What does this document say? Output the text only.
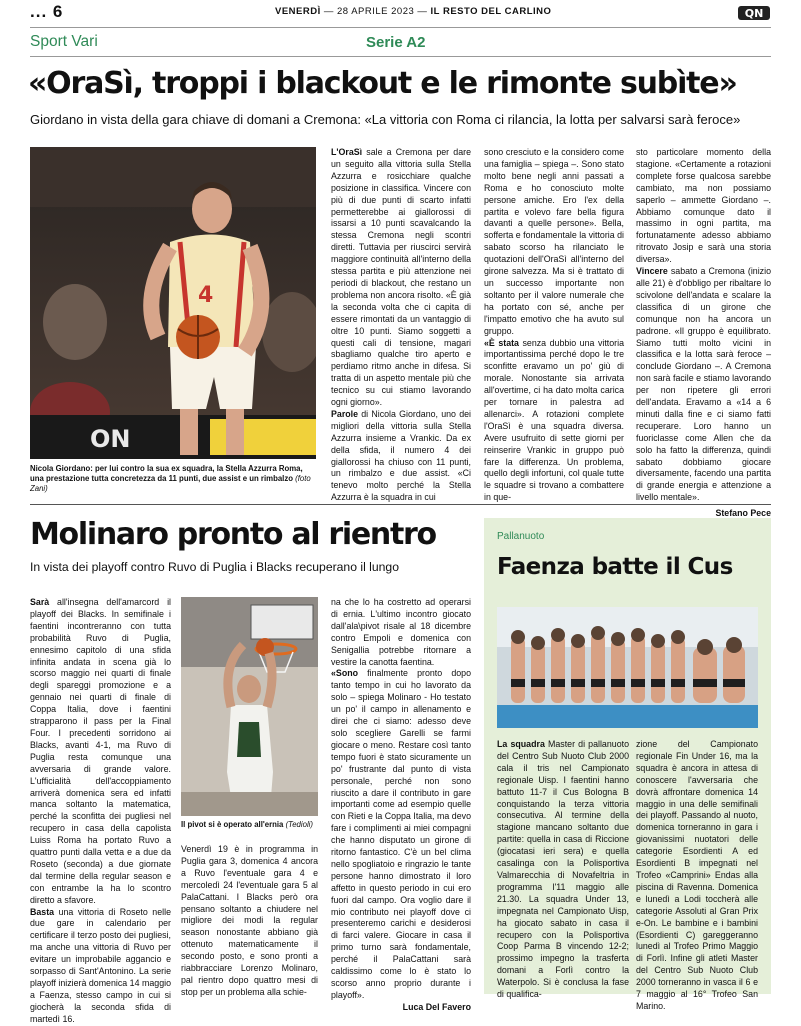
... 6	VENERDÌ — 28 APRILE 2023 — IL RESTO DEL CARLINO	QN
Sport Vari	Serie A2
«OraSì, troppi i blackout e le rimonte subìte»
Giordano in vista della gara chiave di domani a Cremona: «La vittoria con Roma ci rilancia, la lotta per salvarsi sarà feroce»
ON
4
Nicola Giordano: per lui contro la sua ex squadra, la Stella Azzurra Roma, una prestazione tutta concretezza da 11 punti, due assist e un rimbalzo (foto Zani)

L'OraSì sale a Cremona per dare un seguito alla vittoria sulla Stella Azzurra e rosicchiare qualche posizione in classifica. Vincere con più di due punti di scarto infatti permetterebbe ai giallorossi di issarsi a 10 punti scavalcando la stessa Cremona negli scontri diretti. Tuttavia per riuscirci servirà maggiore continuità all'interno della stessa partita e più attenzione nei periodi di blackout, che restano un problema non ancora risolto. «È già la seconda volta che ci capita di essere rimontati da un vantaggio di oltre 10 punti. Siamo soggetti a questi cali di tensione, magari sbagliamo qualche tiro aperto e perdiamo ritmo anche in difesa. Si tratta di un aspetto mentale più che tecnico su cui stiamo lavorando ogni giorno».

Parole di Nicola Giordano, uno dei migliori della vittoria sulla Stella Azzurra insieme a Vrankic. Da ex della sfida, il numero 4 dei giallorossi ha chiuso con 11 punti, un rimbalzo e due assist. «Ci tenevo molto perché la Stella Azzurra è la squadra in cui

sono cresciuto e la considero come una famiglia – spiega –. Sono stato molto bene negli anni passati a Roma e ho conosciuto molte persone amiche. Ero l'ex della partita e volevo fare bella figura davanti a quelle persone». Bella, sofferta e fondamentale la vittoria di sabato scorso ha rilanciato le quotazioni dell'OraSì all'interno del girone salvezza. Ma si è trattato di un successo importante non soltanto per il valore numerale che ha portato con sé, anche per l'impatto emotivo che ha avuto sul gruppo.

«È stata senza dubbio una vittoria importantissima perché dopo le tre sconfitte eravamo un po' giù di morale. Nonostante sia arrivata all'overtime, ci ha dato molta carica per tornare in palestra ad allenarci». A rotazioni complete l'OraSì è una squadra diversa. Avere usufruito di sette giorni per reinserire Vrankic in gruppo può fare la differenza. Un problema, quello degli infortuni, col quale tutte le squadre si trovano a combattere in que-

sto particolare momento della stagione. «Certamente a rotazioni complete forse qualcosa sarebbe cambiato, ma non possiamo saperlo – ammette Giordano –. Abbiamo comunque dato il massimo in ogni partita, ma fortunatamente adesso abbiamo ritrovato Josip e sarà una storia diversa».

Vincere sabato a Cremona (inizio alle 21) è d'obbligo per ribaltare lo scivolone dell'andata e scalare la classifica di un girone che comunque non ha ancora un padrone. «Il gruppo è equilibrato. Siamo tutti molto vicini in classifica e la lotta sarà feroce – conclude Giordano –. A Cremona non sarà facile e stiamo lavorando per non ripetere gli errori dell'andata. Eravamo a «14 a 6 minuti dalla fine e ci siamo fatti recuperare. Loro hanno un fuoriclasse come Allen che da solo ha fatto la differenza, quindi sabato dobbiamo giocare diversamente, facendo una partita di grande energia e attenzione a livello mentale».

Stefano Pece
Molinaro pronto al rientro
In vista dei playoff contro Ruvo di Puglia i Blacks recuperano il lungo

Sarà all'insegna dell'amarcord il playoff dei Blacks. In semifinale i faentini incontreranno con tutta probabilità Ruvo di Puglia, ennesimo capitolo di una sfida infinita andata in scena già lo scorso maggio nei quarti di finale degli spareggi promozione e a gennaio nei quarti di finale di Coppa Italia, dove i faentini strapparono il pass per la Final Four. I precedenti sorridono ai Blacks, avanti 4-1, ma Ruvo di Puglia resta comunque una avversaria di grande valore. L'ufficialità dell'accoppiamento arriverà domenica sera ed infatti manca soltanto la matematica, perché la sconfitta dei pugliesi nel recupero in casa della capolista Luiss Roma ha portato Ruvo a quattro punti dalla vetta e a due da Roseto (seconda) a due giornate dal termine della regular season e con entrambe la ha lo scontro diretto a sfavore.

Basta una vittoria di Roseto nelle due gare in calendario per certificare il terzo posto dei pugliesi, ma anche una vittoria di Ruvo per evitare un improbabile aggancio e sorpasso di Sant'Antonino. La serie playoff inizierà domenica 14 maggio a Faenza, stesso campo in cui si giocherà la seconda sfida di martedì 16.

Il pivot si è operato all'ernia (Tedioli)

Venerdì 19 è in programma in Puglia gara 3, domenica 4 ancora a Ruvo l'eventuale gara 4 e mercoledì 24 l'eventuale gara 5 al PalaCattani. I Blacks però ora pensano soltanto a chiudere nel migliore dei modi la regular season nonostante abbiano già ottenuto matematicamente il secondo posto, e sono pronti a riabbracciare Lorenzo Molinaro, pal rientro dopo quattro mesi di stop per un problema alla schie-

na che lo ha costretto ad operarsi di ernia. L'ultimo incontro giocato dall'ala\pivot risale al 18 dicembre contro Empoli e domenica con Senigallia potrebbe ritornare a vestire la canotta faentina.

«Sono finalmente pronto dopo tanto tempo in cui ho lavorato da solo – spiega Molinaro - Ho testato un po' il campo in allenamento e direi che ci siamo: adesso deve solo scegliere Garelli se farmi giocare o meno. Restare così tanto tempo fuori è stato sicuramente un po' frustrante dal punto di vista personale, perché non sono riuscito a dare il contributo in gare importanti come ad esempio quelle con Rieti e la Coppa Italia, ma devo fare i complimenti ai miei compagni che hanno disputato un girone di ritorno fantastico. C'è un bel clima nello spogliatoio e ringrazio le tante persone hanno dimostrato il loro affetto in questo periodo in cui ero fuori dal campo. Ora voglio dare il mio contributo nei playoff dove ci presenteremo carichi e desiderosi di farci valere. Giocare in casa il primo turno sarà fondamentale, perché il PalaCattani sarà caldissimo come lo è stato lo scorso anno proprio durante i playoff».

Luca Del Favero
Pallanuoto
Faenza batte il Cus

La squadra Master di pallanuoto del Centro Sub Nuoto Club 2000 cala il tris nel Campionato regionale Uisp. I faentini hanno battuto 11-7 il Cus Bologna B conquistando la terza vittoria consecutiva. Al termine della stagione mancano soltanto due partite: quella in casa di Riccione (giocatasi ieri sera) e quella casalinga con la Polisportiva Valmarecchia di Novafeltria in programma l'11 maggio alle 21.30. La squadra Under 13, impegnata nel Campionato Uisp, ha giocato sabato in casa il recupero con la Polisportiva Coop Parma B vincendo 12-2; prossimo impegno la trasferta domani a Forlì contro la Waterpolo. Si è conclusa la fase di qualifica-

zione del Campionato regionale Fin Under 16, ma la squadra è ancora in attesa di conoscere l'avversaria che dovrà affrontare domenica 14 maggio in una delle semifinali dei playoff. Passando al nuoto, domenica torneranno in gara i giovanissimi nuotatori delle categorie Esordienti A ed Esordienti B impegnati nel Trofeo «Camprini» Endas alla piscina di Ravenna. Domenica e lunedì a Lodi toccherà alle categorie Assoluti al Gran Prix e-On. Le bambine e i bambini (Esordienti C) gareggeranno lunedì al Trofeo Primo Maggio di Forlì. Infine gli atleti Master del Centro Sub Nuoto Club 2000 torneranno in vasca il 6 e 7 maggio al 16° Trofeo San Marino.
